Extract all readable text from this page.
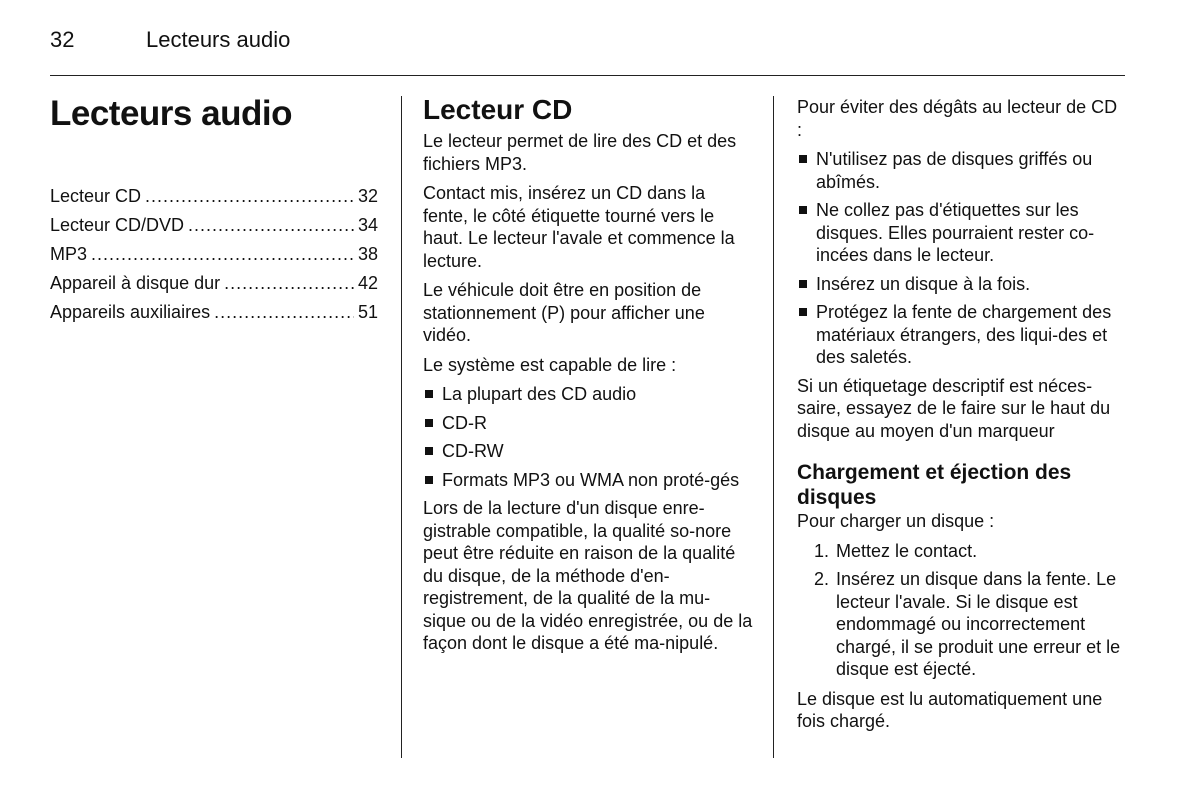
32	Lecteurs audio
Lecteurs audio
Lecteur CD .....	32
Lecteur CD/DVD .....	34
MP3 .....	38
Appareil à disque dur .....	42
Appareils auxiliaires .....	51
Lecteur CD

Le lecteur permet de lire des CD et des fichiers MP3.

Contact mis, insérez un CD dans la fente, le côté étiquette tourné vers le haut. Le lecteur l'avale et commence la lecture.

Le véhicule doit être en position de stationnement (P) pour afficher une vidéo.

Le système est capable de lire :

La plupart des CD audio
CD-R
CD-RW
Formats MP3 ou WMA non proté-gés

Lors de la lecture d'un disque enre-gistrable compatible, la qualité so-nore peut être réduite en raison de la qualité du disque, de la méthode d'en-registrement, de la qualité de la mu-sique ou de la vidéo enregistrée, ou de la façon dont le disque a été ma-nipulé.

Pour éviter des dégâts au lecteur de CD :

N'utilisez pas de disques griffés ou abîmés.
Ne collez pas d'étiquettes sur les disques. Elles pourraient rester co-incées dans le lecteur.
Insérez un disque à la fois.
Protégez la fente de chargement des matériaux étrangers, des liqui-des et des saletés.

Si un étiquetage descriptif est néces-saire, essayez de le faire sur le haut du disque au moyen d'un marqueur

Chargement et éjection des disques

Pour charger un disque :

1. Mettez le contact.
2. Insérez un disque dans la fente. Le lecteur l'avale. Si le disque est endommagé ou incorrectement chargé, il se produit une erreur et le disque est éjecté.

Le disque est lu automatiquement une fois chargé.
